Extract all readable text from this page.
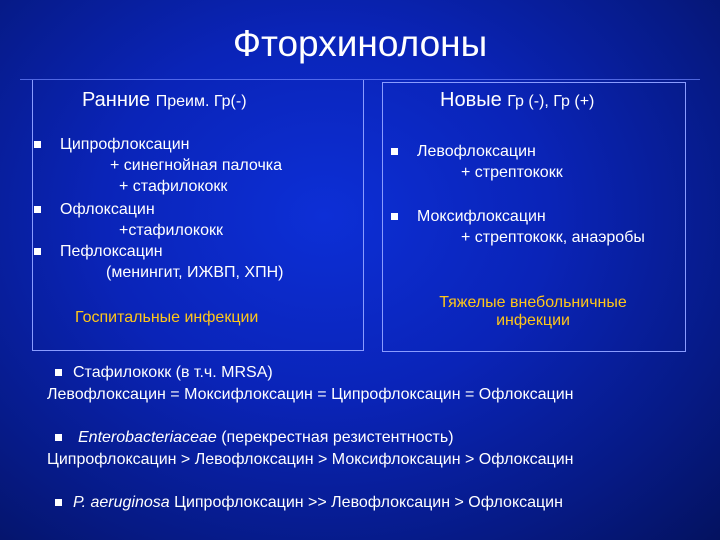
Фторхинолоны
Ранние Преим. Гр(-)
Ципрофлоксацин
+ синегнойная палочка
+ стафилококк
Офлоксацин
+стафилококк
Пефлоксацин
(менингит, ИЖВП, ХПН)
Госпитальные инфекции
Новые Гр (-), Гр (+)
Левофлоксацин
+ стрептококк
Моксифлоксацин
+ стрептококк, анаэробы
Тяжелые внебольничные
инфекции
Стафилококк (в т.ч. MRSA)
Левофлоксацин = Моксифлоксацин = Ципрофлоксацин = Офлоксацин
Enterobacteriaceae (перекрестная резистентность)
Ципрофлоксацин > Левофлоксацин > Моксифлоксацин > Офлоксацин
P. aeruginosa Ципрофлоксацин >> Левофлоксацин > Офлоксацин
